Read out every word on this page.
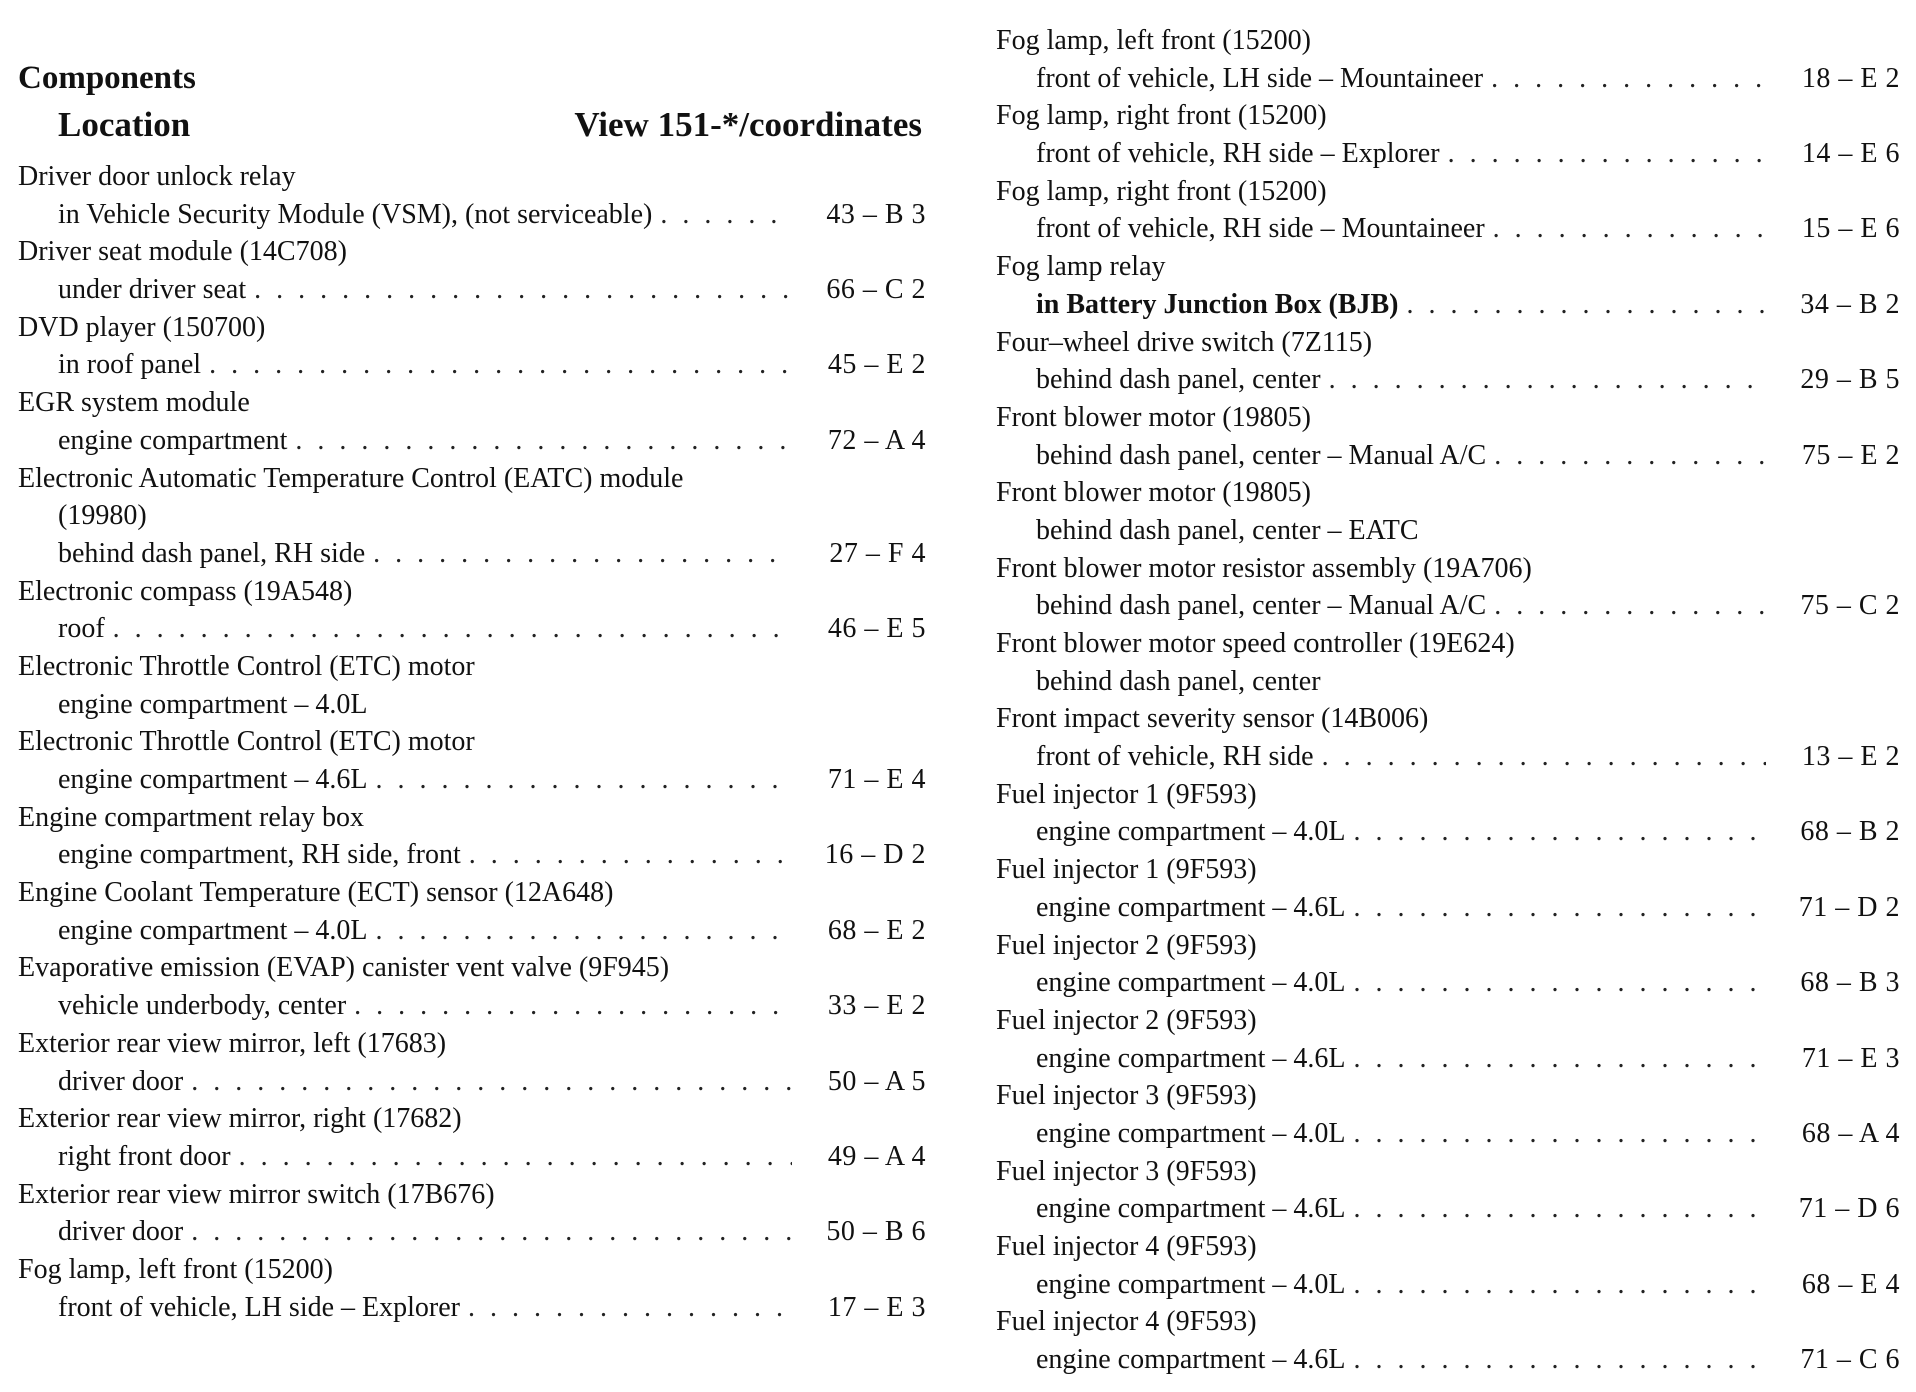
Components
Location	View 151-*/coordinates
Driver door unlock relay
in Vehicle Security Module (VSM), (not serviceable) . . .	43 – B 3
Driver seat module (14C708)
under driver seat . . .	66 – C 2
DVD player (150700)
in roof panel . . .	45 – E 2
EGR system module
engine compartment . . .	72 – A 4
Electronic Automatic Temperature Control (EATC) module
(19980)
behind dash panel, RH side . . .	27 – F 4
Electronic compass (19A548)
roof . . .	46 – E 5
Electronic Throttle Control (ETC) motor
engine compartment – 4.0L
Electronic Throttle Control (ETC) motor
engine compartment – 4.6L . . .	71 – E 4
Engine compartment relay box
engine compartment, RH side, front . . .	16 – D 2
Engine Coolant Temperature (ECT) sensor (12A648)
engine compartment – 4.0L . . .	68 – E 2
Evaporative emission (EVAP) canister vent valve (9F945)
vehicle underbody, center . . .	33 – E 2
Exterior rear view mirror, left (17683)
driver door . . .	50 – A 5
Exterior rear view mirror, right (17682)
right front door . . .	49 – A 4
Exterior rear view mirror switch (17B676)
driver door . . .	50 – B 6
Fog lamp, left front (15200)
front of vehicle, LH side – Explorer . . .	17 – E 3
Fog lamp, left front (15200)
front of vehicle, LH side – Mountaineer . . .	18 – E 2
Fog lamp, right front (15200)
front of vehicle, RH side – Explorer . . .	14 – E 6
Fog lamp, right front (15200)
front of vehicle, RH side – Mountaineer . . .	15 – E 6
Fog lamp relay
in Battery Junction Box (BJB) . . .	34 – B 2
Four–wheel drive switch (7Z115)
behind dash panel, center . . .	29 – B 5
Front blower motor (19805)
behind dash panel, center – Manual A/C . . .	75 – E 2
Front blower motor (19805)
behind dash panel, center – EATC
Front blower motor resistor assembly (19A706)
behind dash panel, center – Manual A/C . . .	75 – C 2
Front blower motor speed controller (19E624)
behind dash panel, center
Front impact severity sensor (14B006)
front of vehicle, RH side . . .	13 – E 2
Fuel injector 1 (9F593)
engine compartment – 4.0L . . .	68 – B 2
Fuel injector 1 (9F593)
engine compartment – 4.6L . . .	71 – D 2
Fuel injector 2 (9F593)
engine compartment – 4.0L . . .	68 – B 3
Fuel injector 2 (9F593)
engine compartment – 4.6L . . .	71 – E 3
Fuel injector 3 (9F593)
engine compartment – 4.0L . . .	68 – A 4
Fuel injector 3 (9F593)
engine compartment – 4.6L . . .	71 – D 6
Fuel injector 4 (9F593)
engine compartment – 4.0L . . .	68 – E 4
Fuel injector 4 (9F593)
engine compartment – 4.6L . . .	71 – C 6
